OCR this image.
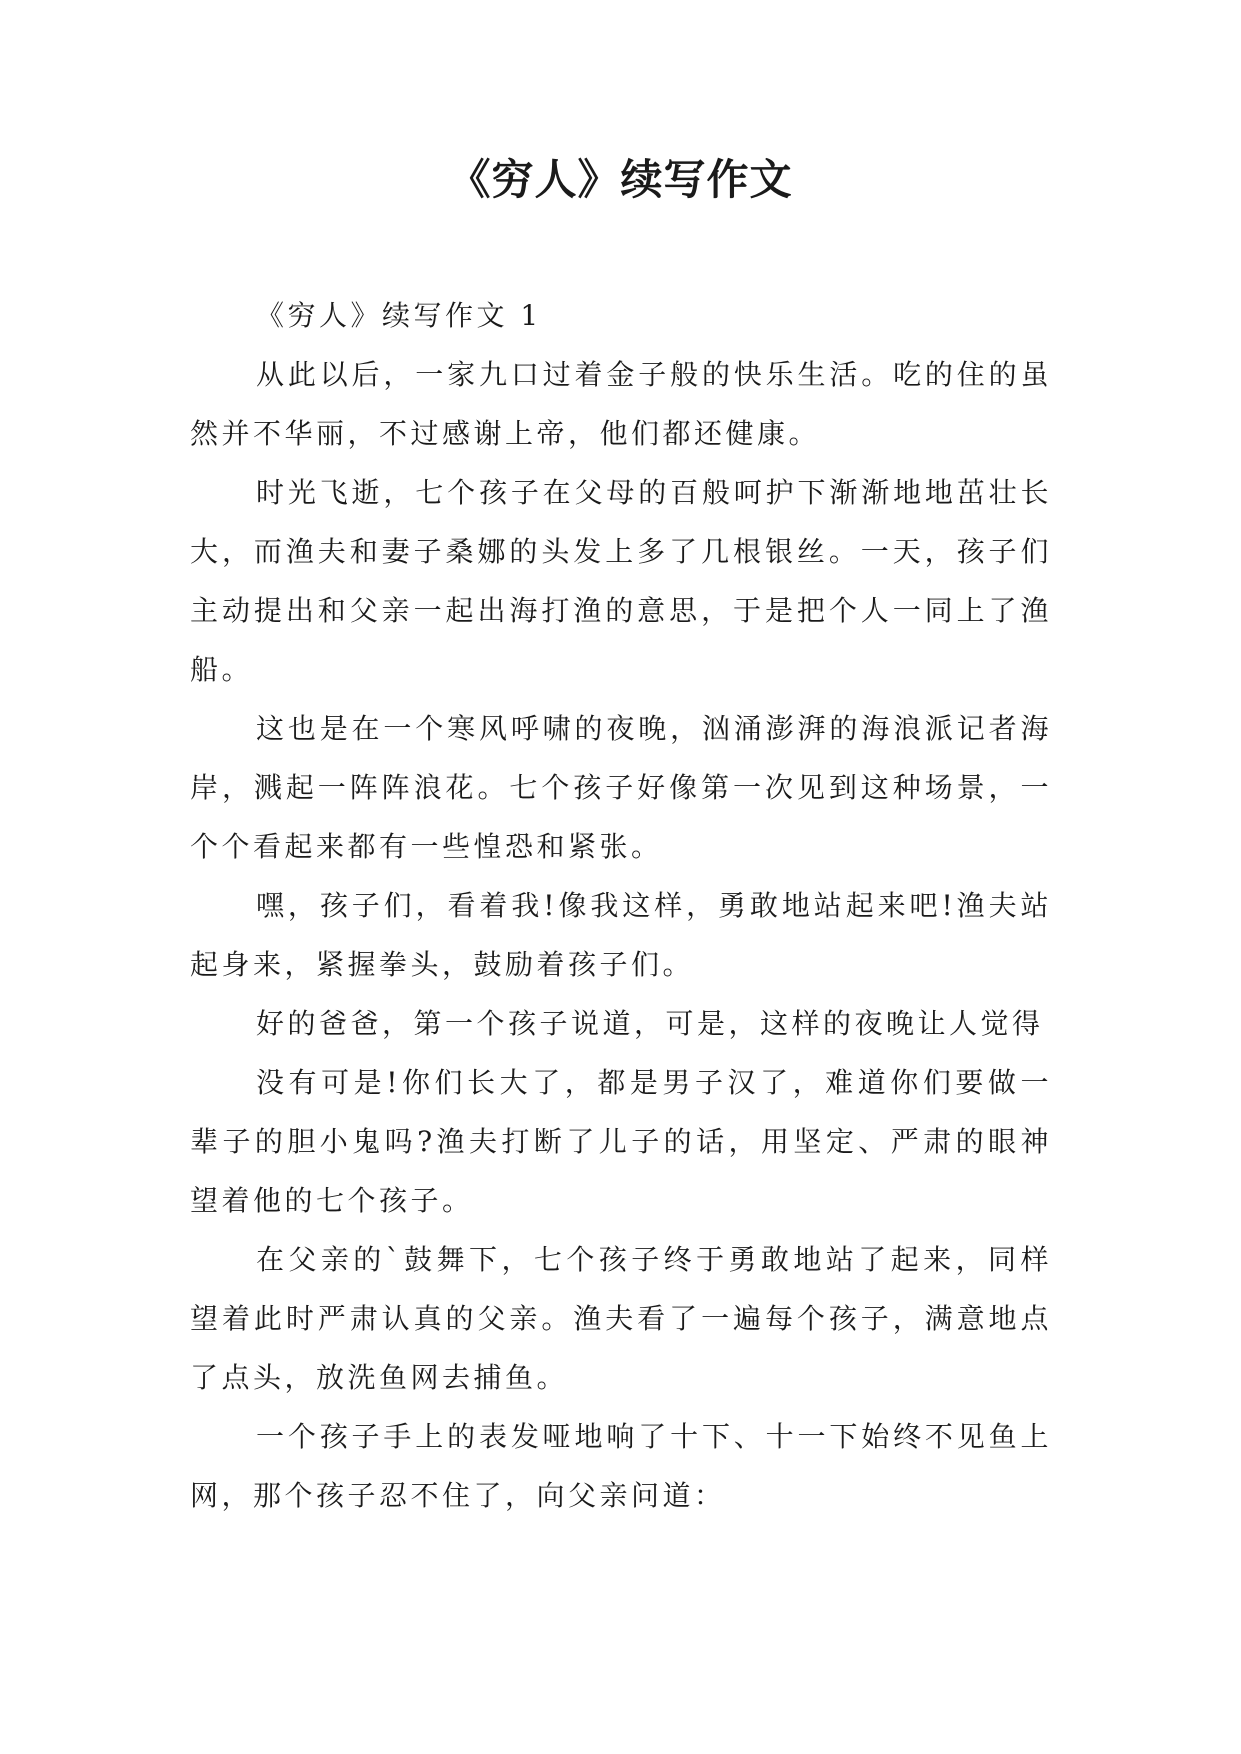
《穷人》续写作文

《穷人》续写作文 1

从此以后，一家九口过着金子般的快乐生活。吃的住的虽然并不华丽，不过感谢上帝，他们都还健康。

时光飞逝，七个孩子在父母的百般呵护下渐渐地地茁壮长大，而渔夫和妻子桑娜的头发上多了几根银丝。一天，孩子们主动提出和父亲一起出海打渔的意思，于是把个人一同上了渔船。

这也是在一个寒风呼啸的夜晚，汹涌澎湃的海浪派记者海岸，溅起一阵阵浪花。七个孩子好像第一次见到这种场景，一个个看起来都有一些惶恐和紧张。

嘿，孩子们，看着我!像我这样，勇敢地站起来吧!渔夫站起身来，紧握拳头，鼓励着孩子们。

好的爸爸，第一个孩子说道，可是，这样的夜晚让人觉得

没有可是!你们长大了，都是男子汉了，难道你们要做一辈子的胆小鬼吗?渔夫打断了儿子的话，用坚定、严肃的眼神望着他的七个孩子。

在父亲的`鼓舞下，七个孩子终于勇敢地站了起来，同样望着此时严肃认真的父亲。渔夫看了一遍每个孩子，满意地点了点头，放洗鱼网去捕鱼。

一个孩子手上的表发哑地响了十下、十一下始终不见鱼上网，那个孩子忍不住了，向父亲问道：
